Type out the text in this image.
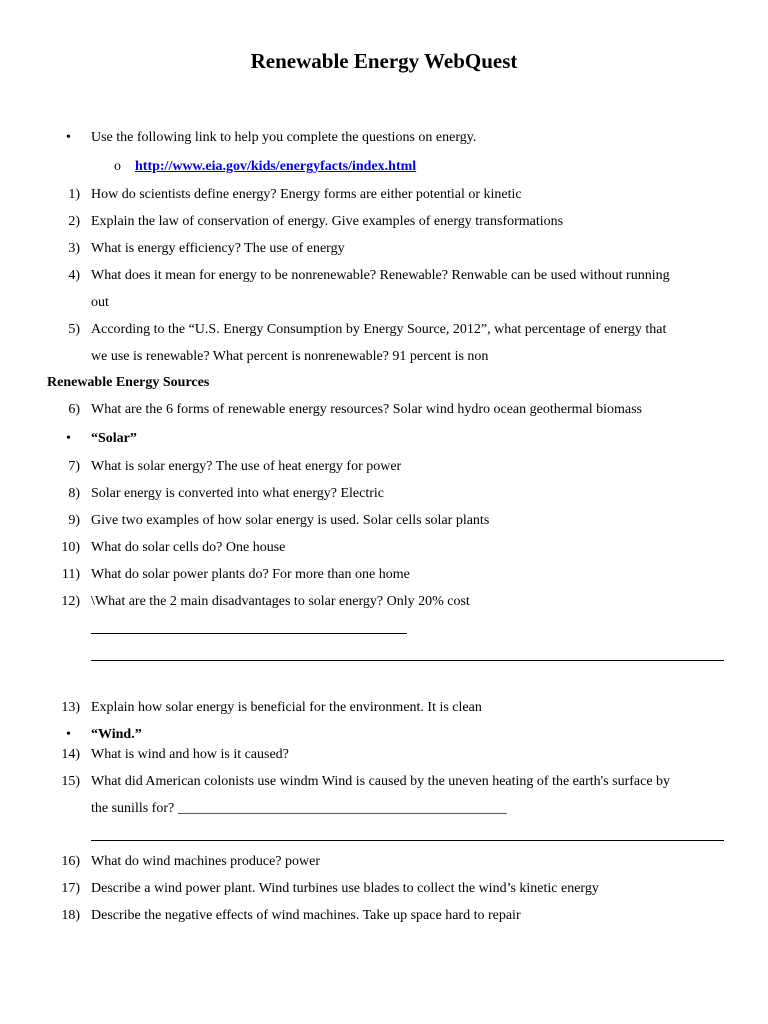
Renewable Energy WebQuest
• Use the following link to help you complete the questions on energy.
o http://www.eia.gov/kids/energyfacts/index.html
1) How do scientists define energy? Energy forms are either potential or kinetic
2) Explain the law of conservation of energy. Give examples of energy transformations
3) What is energy efficiency? The use of energy
4) What does it mean for energy to be nonrenewable? Renewable? Renwable can be used without running
out
5) According to the “U.S. Energy Consumption by Energy Source, 2012”, what percentage of energy that
we use is renewable? What percent is nonrenewable? 91 percent is non
Renewable Energy Sources
6) What are the 6 forms of renewable energy resources? Solar wind hydro ocean geothermal biomass
• “Solar”
7) What is solar energy? The use of heat energy for power
8) Solar energy is converted into what energy? Electric
9) Give two examples of how solar energy is used. Solar cells solar plants
10) What do solar cells do? One house
11) What do solar power plants do? For more than one home
12) \What are the 2 main disadvantages to solar energy? Only 20% cost
13) Explain how solar energy is beneficial for the environment. It is clean
• “Wind.”
14) What is wind and how is it caused?
15) What did American colonists use windm Wind is caused by the uneven heating of the earth's surface by
the sunills for? _______________________________________________
16) What do wind machines produce? power
17) Describe a wind power plant. Wind turbines use blades to collect the wind’s kinetic energy
18) Describe the negative effects of wind machines. Take up space hard to repair
